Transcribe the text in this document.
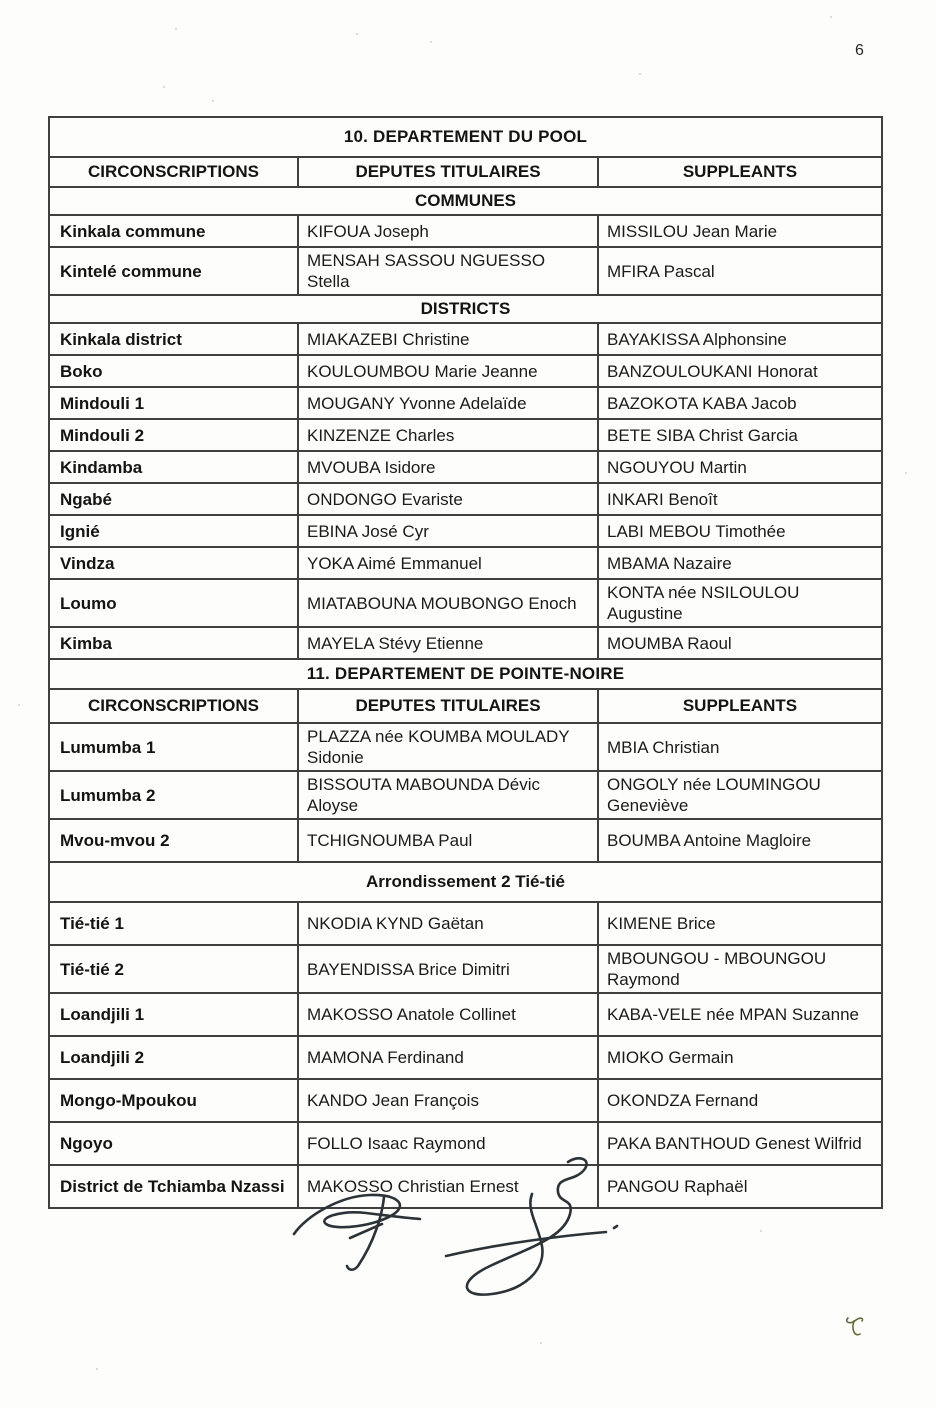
6
10. DEPARTEMENT DU POOL		
CIRCONSCRIPTIONS	DEPUTES TITULAIRES	SUPPLEANTS
COMMUNES		
Kinkala commune	KIFOUA Joseph	MISSILOU Jean Marie
Kintelé commune	MENSAH SASSOU NGUESSO Stella	MFIRA Pascal
DISTRICTS		
Kinkala district	MIAKAZEBI Christine	BAYAKISSA Alphonsine
Boko	KOULOUMBOU Marie Jeanne	BANZOULOUKANI Honorat
Mindouli 1	MOUGANY Yvonne Adelaïde	BAZOKOTA KABA Jacob
Mindouli 2	KINZENZE Charles	BETE SIBA Christ Garcia
Kindamba	MVOUBA Isidore	NGOUYOU Martin
Ngabé	ONDONGO Evariste	INKARI Benoît
Ignié	EBINA José Cyr	LABI MEBOU Timothée
Vindza	YOKA Aimé Emmanuel	MBAMA Nazaire
Loumo	MIATABOUNA MOUBONGO Enoch	KONTA née NSILOULOU Augustine
Kimba	MAYELA Stévy Etienne	MOUMBA Raoul
11. DEPARTEMENT DE POINTE-NOIRE		
CIRCONSCRIPTIONS	DEPUTES TITULAIRES	SUPPLEANTS
Lumumba 1	PLAZZA née KOUMBA MOULADY Sidonie	MBIA Christian
Lumumba 2	BISSOUTA MABOUNDA Dévic Aloyse	ONGOLY née LOUMINGOU Geneviève
Mvou-mvou 2	TCHIGNOUMBA Paul	BOUMBA Antoine Magloire
Arrondissement 2 Tié-tié		
Tié-tié 1	NKODIA KYND Gaëtan	KIMENE Brice
Tié-tié 2	BAYENDISSA Brice Dimitri	MBOUNGOU - MBOUNGOU Raymond
Loandjili 1	MAKOSSO Anatole Collinet	KABA-VELE née MPAN Suzanne
Loandjili 2	MAMONA Ferdinand	MIOKO Germain
Mongo-Mpoukou	KANDO Jean François	OKONDZA Fernand
Ngoyo	FOLLO Isaac Raymond	PAKA BANTHOUD Genest Wilfrid
District de Tchiamba Nzassi	MAKOSSO Christian Ernest	PANGOU Raphaël
